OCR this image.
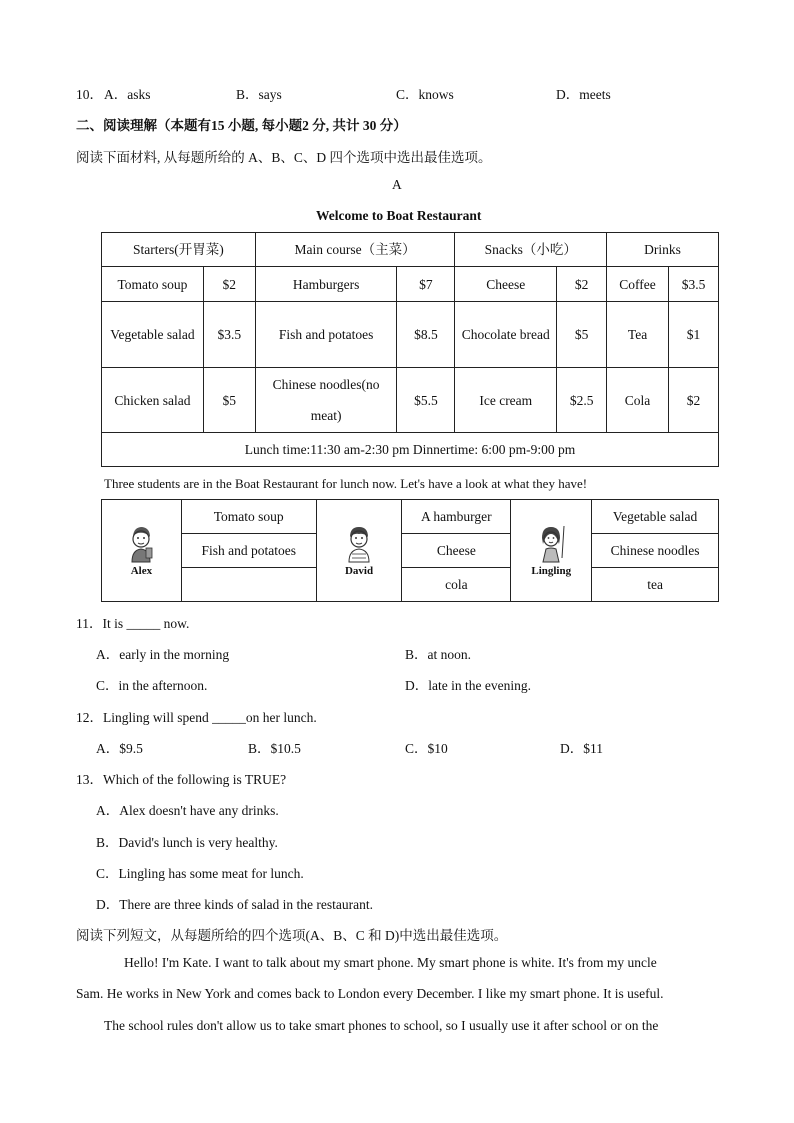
10． A．asks	B．says	C．knows	D．meets
二、阅读理解（本题有15 小题, 每小题2 分, 共计 30 分）
阅读下面材料, 从每题所给的 A、B、C、D 四个选项中选出最佳选项。
A
Welcome to Boat Restaurant
Starters(开胃菜)		Main course（主菜）		Snacks（小吃）		Drinks	
Tomato soup	$2	Hamburgers	$7	Cheese	$2	Coffee	$3.5
Vegetable salad	$3.5	Fish and potatoes	$8.5	Chocolate bread	$5	Tea	$1
Chicken salad	$5	Chinese noodles(no meat)	$5.5	Ice cream	$2.5	Cola	$2
Lunch time:11:30 am-2:30 pm Dinnertime: 6:00 pm-9:00 pm							
Three students are in the Boat Restaurant for lunch now. Let's have a look at what they have!
Alex	Tomato soup	David	A hamburger	Lingling	Vegetable salad
	Fish and potatoes		Cheese		Chinese noodles
			cola		tea
11．It is _____ now.
A．early in the morning	B．at noon.
C．in the afternoon.	D．late in the evening.
12．Lingling will spend _____on her lunch.
A．$9.5	B．$10.5	C．$10	D．$11
13．Which of the following is TRUE?
A．Alex doesn't have any drinks.
B．David's lunch is very healthy.
C．Lingling has some meat for lunch.
D．There are three kinds of salad in the restaurant.
阅读下列短文，从每题所给的四个选项(A、B、C 和 D)中选出最佳选项。
Hello! I'm Kate. I want to talk about my smart phone. My smart phone is white. It's from my uncle
Sam. He works in New York and comes back to London every December. I like my smart phone. It is useful.
The school rules don't allow us to take smart phones to school, so I usually use it after school or on the
